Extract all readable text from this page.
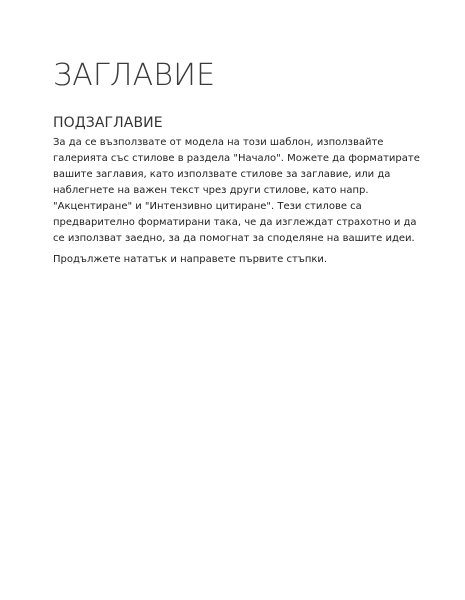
ЗАГЛАВИЕ
ПОДЗАГЛАВИЕ

За да се възползвате от модела на този шаблон, използвайте
галерията със стилове в раздела "Начало". Можете да форматирате
вашите заглавия, като използвате стилове за заглавие, или да
наблегнете на важен текст чрез други стилове, като напр.
"Акцентиране" и "Интензивно цитиране". Тези стилове са
предварително форматирани така, че да изглеждат страхотно и да
се използват заедно, за да помогнат за споделяне на вашите идеи.

Продължете нататък и направете първите стъпки.
